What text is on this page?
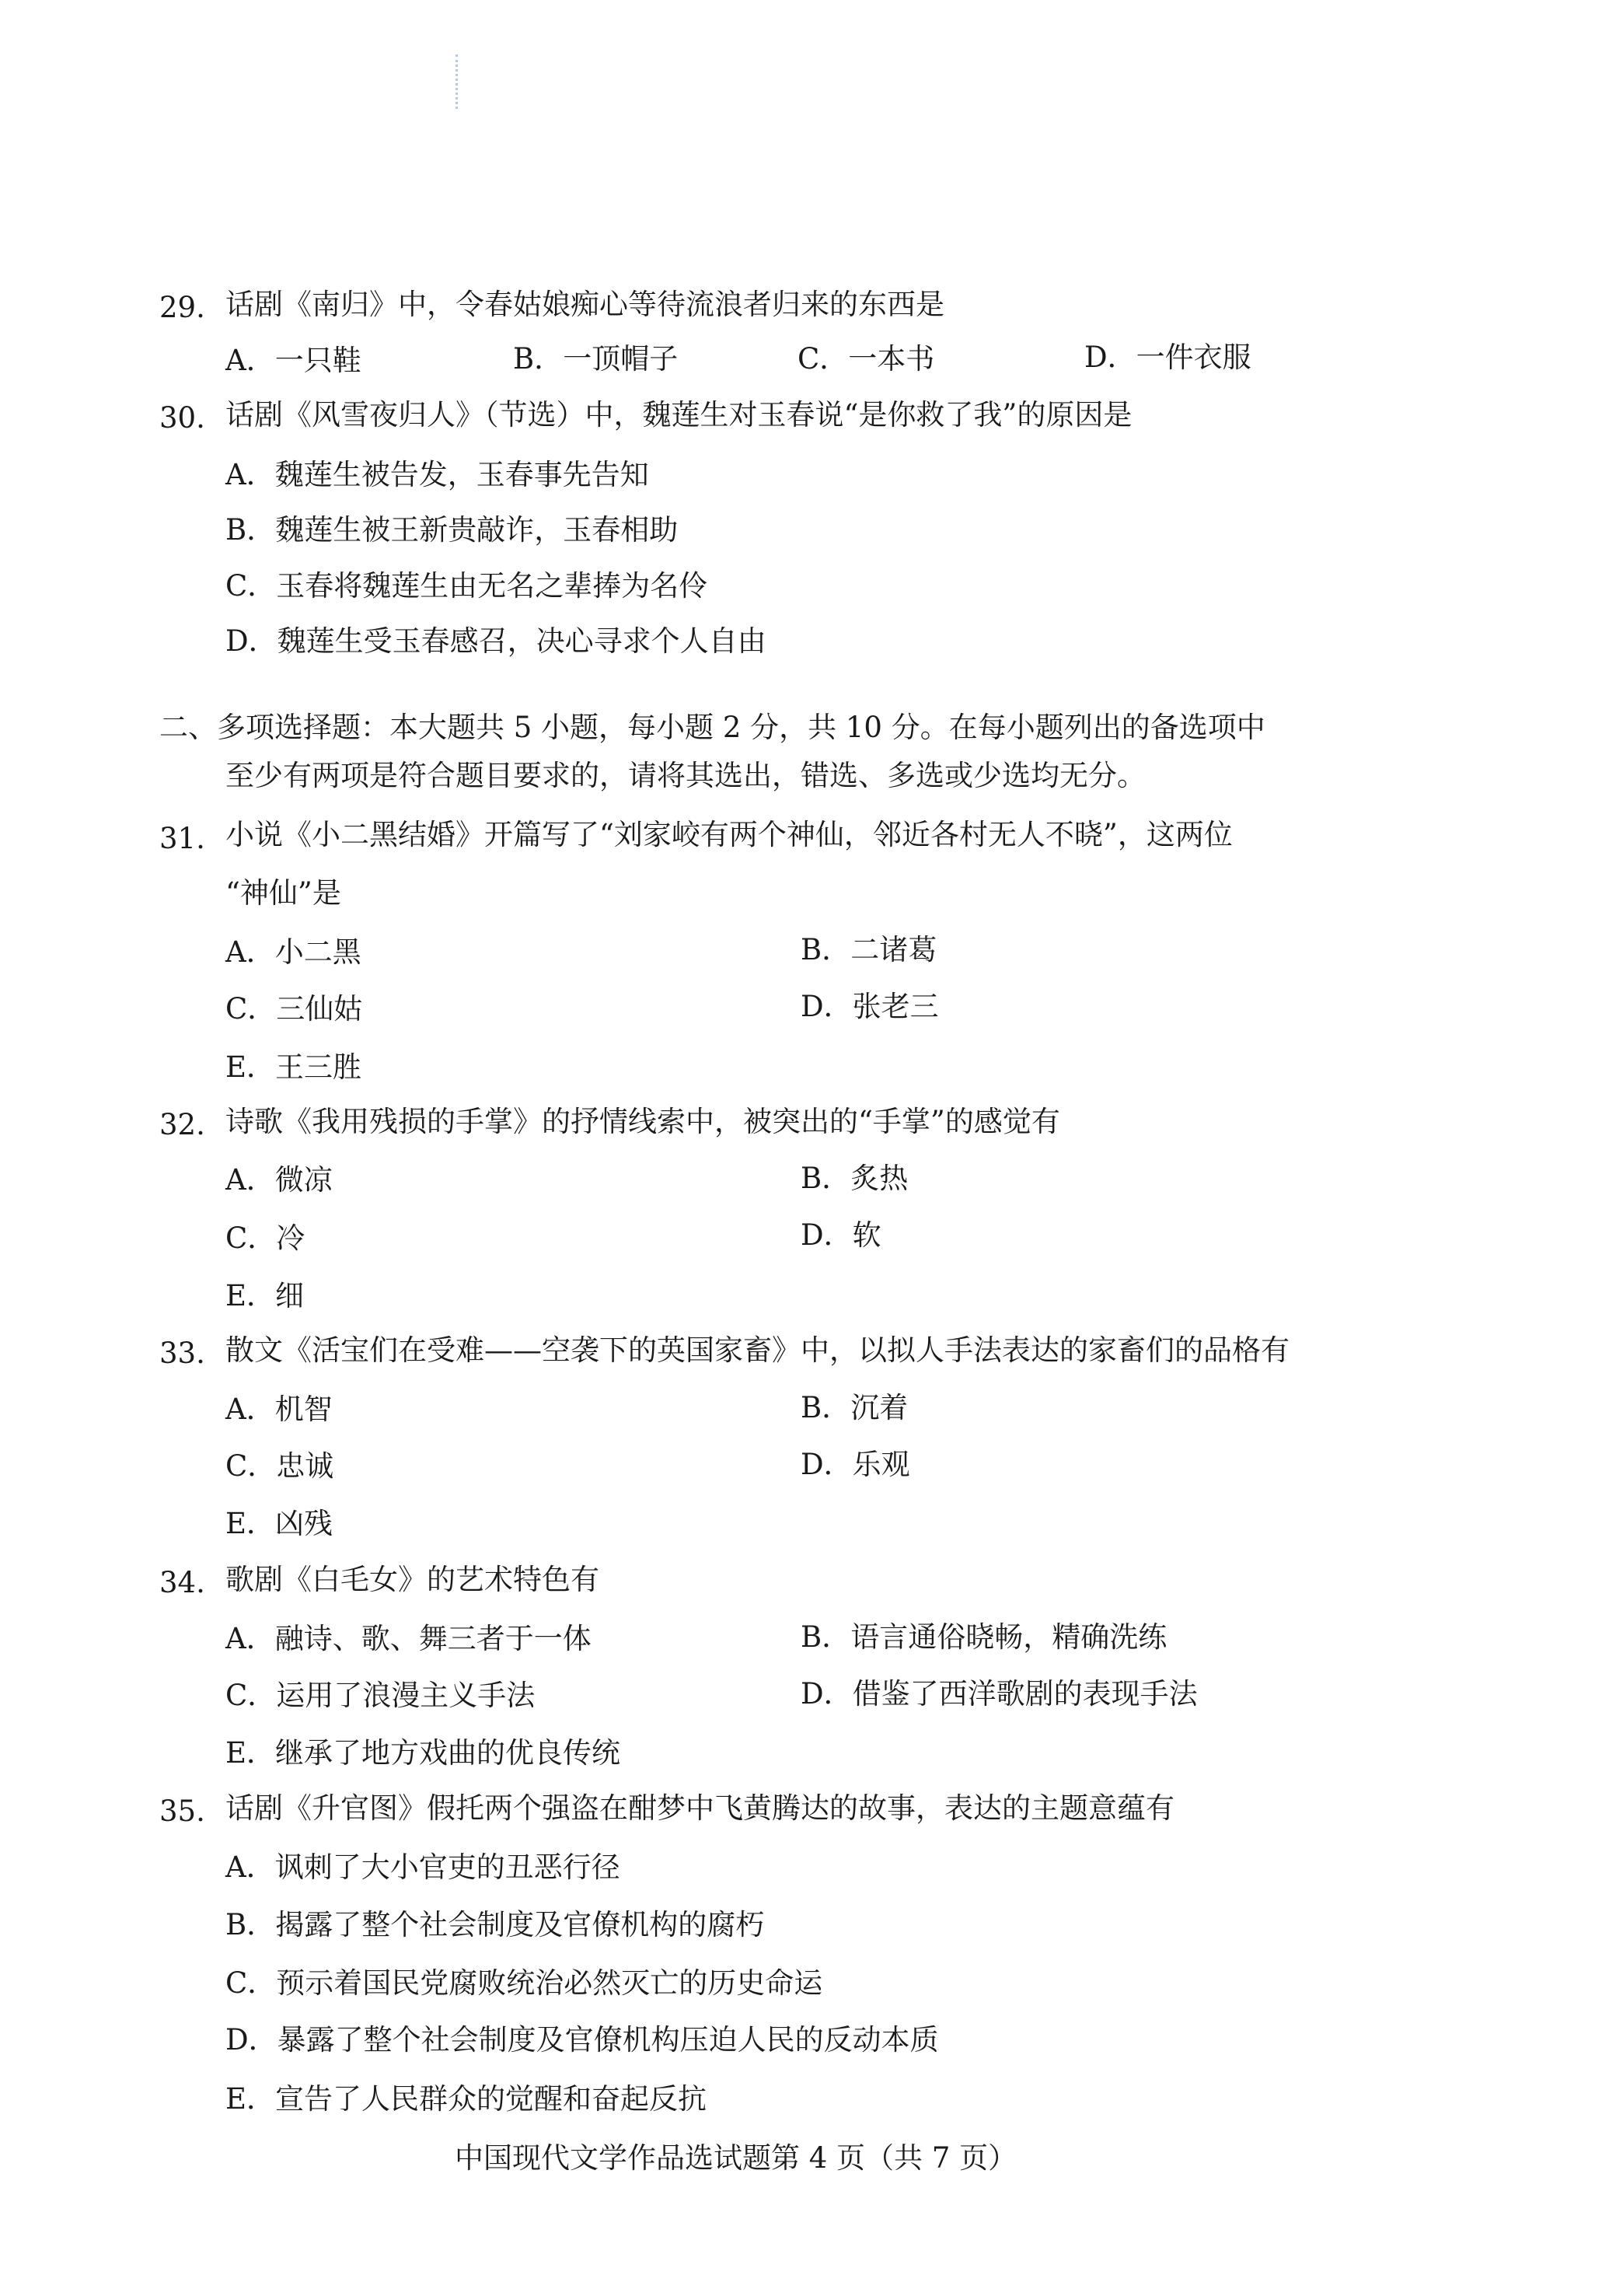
29. 话剧《南归》中，令春姑娘痴心等待流浪者归来的东西是
A．一只鞋	B．一顶帽子	C．一本书	D．一件衣服
30. 话剧《风雪夜归人》（节选）中，魏莲生对玉春说“是你救了我”的原因是
A．魏莲生被告发，玉春事先告知
B．魏莲生被王新贵敲诈，玉春相助
C．玉春将魏莲生由无名之辈捧为名伶
D．魏莲生受玉春感召，决心寻求个人自由
二、多项选择题：本大题共 5 小题，每小题 2 分，共 10 分。在每小题列出的备选项中
至少有两项是符合题目要求的，请将其选出，错选、多选或少选均无分。
31. 小说《小二黑结婚》开篇写了“刘家峧有两个神仙，邻近各村无人不晓”，这两位
“神仙”是
A．小二黑	B．二诸葛
C．三仙姑	D．张老三
E．王三胜
32. 诗歌《我用残损的手掌》的抒情线索中，被突出的“手掌”的感觉有
A．微凉	B．炙热
C．冷	D．软
E．细
33. 散文《活宝们在受难——空袭下的英国家畜》中，以拟人手法表达的家畜们的品格有
A．机智	B．沉着
C．忠诚	D．乐观
E．凶残
34. 歌剧《白毛女》的艺术特色有
A．融诗、歌、舞三者于一体	B．语言通俗晓畅，精确洗练
C．运用了浪漫主义手法	D．借鉴了西洋歌剧的表现手法
E．继承了地方戏曲的优良传统
35. 话剧《升官图》假托两个强盗在酣梦中飞黄腾达的故事，表达的主题意蕴有
A．讽刺了大小官吏的丑恶行径
B．揭露了整个社会制度及官僚机构的腐朽
C．预示着国民党腐败统治必然灭亡的历史命运
D．暴露了整个社会制度及官僚机构压迫人民的反动本质
E．宣告了人民群众的觉醒和奋起反抗
中国现代文学作品选试题第 4 页（共 7 页）
